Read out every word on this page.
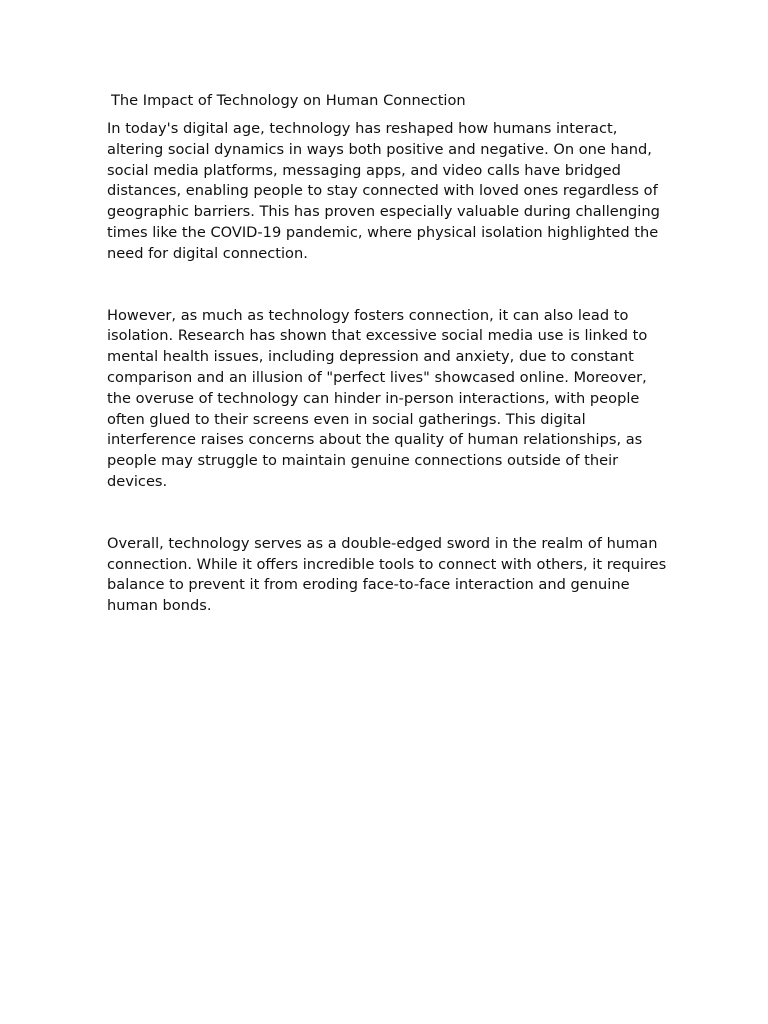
The Impact of Technology on Human Connection

In today's digital age, technology has reshaped how humans interact, altering social dynamics in ways both positive and negative. On one hand, social media platforms, messaging apps, and video calls have bridged distances, enabling people to stay connected with loved ones regardless of geographic barriers. This has proven especially valuable during challenging times like the COVID-19 pandemic, where physical isolation highlighted the need for digital connection.

However, as much as technology fosters connection, it can also lead to isolation. Research has shown that excessive social media use is linked to mental health issues, including depression and anxiety, due to constant comparison and an illusion of "perfect lives" showcased online. Moreover, the overuse of technology can hinder in-person interactions, with people often glued to their screens even in social gatherings. This digital interference raises concerns about the quality of human relationships, as people may struggle to maintain genuine connections outside of their devices.

Overall, technology serves as a double-edged sword in the realm of human connection. While it offers incredible tools to connect with others, it requires balance to prevent it from eroding face-to-face interaction and genuine human bonds.
